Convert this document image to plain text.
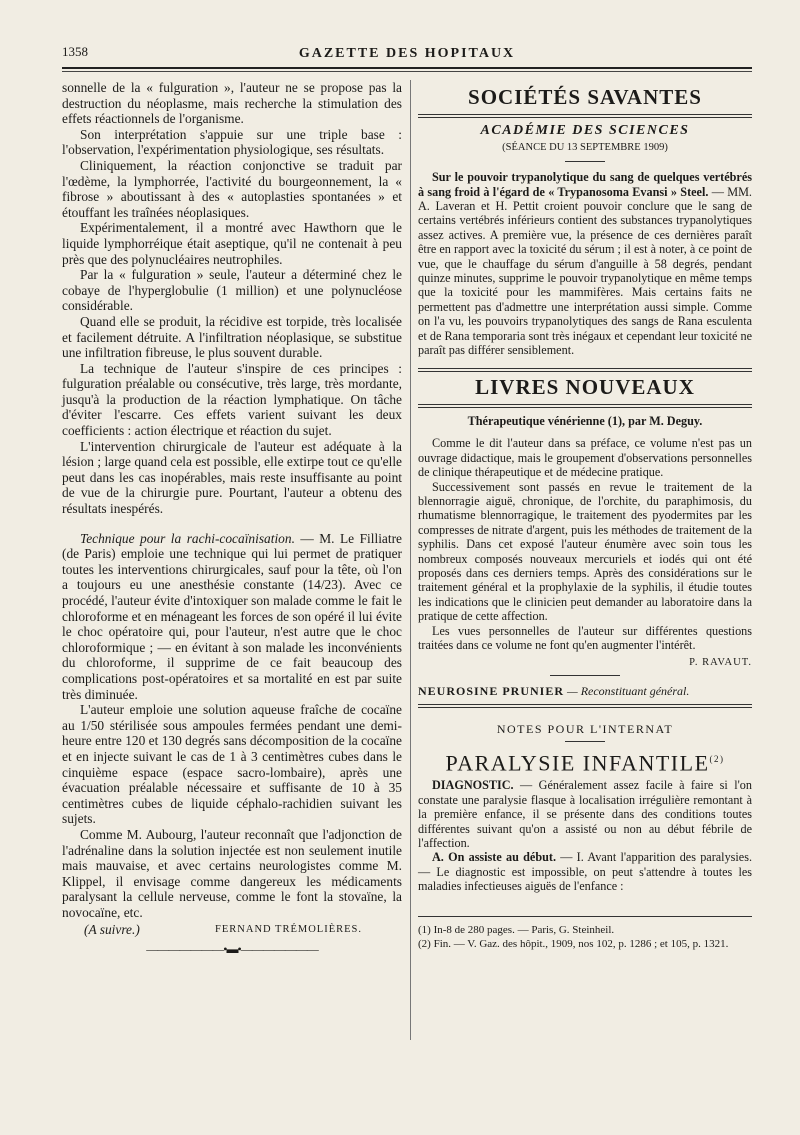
1358	GAZETTE DES HOPITAUX

sonnelle de la « fulguration », l'auteur ne se propose pas la destruction du néoplasme, mais recherche la stimulation des effets réactionnels de l'organisme.

Son interprétation s'appuie sur une triple base : l'observation, l'expérimentation physiologique, ses résultats.

Cliniquement, la réaction conjonctive se traduit par l'œdème, la lymphorrée, l'activité du bourgeonnement, la « fibrose » aboutissant à des « autoplasties spontanées » et étouffant les traînées néoplasiques.

Expérimentalement, il a montré avec Hawthorn que le liquide lymphorréique était aseptique, qu'il ne contenait à peu près que des polynucléaires neutrophiles.

Par la « fulguration » seule, l'auteur a déterminé chez le cobaye de l'hyperglobulie (1 million) et une polynucléose considérable.

Quand elle se produit, la récidive est torpide, très localisée et facilement détruite. A l'infiltration néoplasique, se substitue une infiltration fibreuse, le plus souvent durable.

La technique de l'auteur s'inspire de ces principes : fulguration préalable ou consécutive, très large, très mordante, jusqu'à la production de la réaction lymphatique. On tâche d'éviter l'escarre. Ces effets varient suivant les deux coefficients : action électrique et réaction du sujet.

L'intervention chirurgicale de l'auteur est adéquate à la lésion ; large quand cela est possible, elle extirpe tout ce qu'elle peut dans les cas inopérables, mais reste insuffisante au point de vue de la chirurgie pure. Pourtant, l'auteur a obtenu des résultats inespérés.

Technique pour la rachi-cocaïnisation. — M. Le Filliatre (de Paris) emploie une technique qui lui permet de pratiquer toutes les interventions chirurgicales, sauf pour la tête, où l'on a toujours eu une anesthésie constante (14/23). Avec ce procédé, l'auteur évite d'intoxiquer son malade comme le fait le chloroforme et en ménageant les forces de son opéré il lui évite le choc opératoire qui, pour l'auteur, n'est autre que le choc chloroformique ; — en évitant à son malade les inconvénients du chloroforme, il supprime de ce fait beaucoup des complications post-opératoires et sa mortalité en est par suite très diminuée.

L'auteur emploie une solution aqueuse fraîche de cocaïne au 1/50 stérilisée sous ampoules fermées pendant une demi-heure entre 120 et 130 degrés sans décomposition de la cocaïne et en injecte suivant le cas de 1 à 3 centimètres cubes dans le cinquième espace (espace sacro-lombaire), après une évacuation préalable nécessaire et suffisante de 10 à 35 centimètres cubes de liquide céphalo-rachidien suivant les sujets.

Comme M. Aubourg, l'auteur reconnaît que l'adjonction de l'adrénaline dans la solution injectée est non seulement inutile mais mauvaise, et avec certains neurologistes comme M. Klippel, il envisage comme dangereux les médicaments paralysant la cellule nerveuse, comme le font la stovaïne, la novocaïne, etc.

(A suivre.)	FERNAND TRÉMOLIÈRES.

———————•▬•———————
SOCIÉTÉS SAVANTES
ACADÉMIE DES SCIENCES
(SÉANCE DU 13 SEPTEMBRE 1909)

Sur le pouvoir trypanolytique du sang de quelques vertébrés à sang froid à l'égard de « Trypanosoma Evansi » Steel. — MM. A. Laveran et H. Pettit croient pouvoir conclure que le sang de certains vertébrés inférieurs contient des substances trypanolytiques assez actives. A première vue, la présence de ces dernières paraît être en rapport avec la toxicité du sérum ; il est à noter, à ce point de vue, que le chauffage du sérum d'anguille à 58 degrés, pendant quinze minutes, supprime le pouvoir trypanolytique en même temps que la toxicité pour les mammifères. Mais certains faits ne permettent pas d'admettre une interprétation aussi simple. Comme on l'a vu, les pouvoirs trypanolytiques des sangs de Rana esculenta et de Rana temporaria sont très inégaux et cependant leur toxicité ne paraît pas différer sensiblement.

LIVRES NOUVEAUX

Thérapeutique vénérienne (1), par M. Deguy.

Comme le dit l'auteur dans sa préface, ce volume n'est pas un ouvrage didactique, mais le groupement d'observations personnelles de clinique thérapeutique et de médecine pratique.

Successivement sont passés en revue le traitement de la blennorragie aiguë, chronique, de l'orchite, du paraphimosis, du rhumatisme blennorragique, le traitement des pyodermites par les compresses de nitrate d'argent, puis les méthodes de traitement de la syphilis. Dans cet exposé l'auteur énumère avec soin tous les nombreux composés nouveaux mercuriels et iodés qui ont été proposés dans ces derniers temps. Après des considérations sur le traitement général et la prophylaxie de la syphilis, il étudie toutes les indications que le clinicien peut demander au laboratoire dans la pratique de cette affection.

Les vues personnelles de l'auteur sur différentes questions traitées dans ce volume ne font qu'en augmenter l'intérêt.

P. RAVAUT.
NEUROSINE PRUNIER — Reconstituant général.
NOTES POUR L'INTERNAT
PARALYSIE INFANTILE$^{(2)}$

DIAGNOSTIC. — Généralement assez facile à faire si l'on constate une paralysie flasque à localisation irrégulière remontant à la première enfance, il se présente dans des conditions toutes différentes suivant qu'on a assisté ou non au début fébrile de l'affection.

A. On assiste au début. — I. Avant l'apparition des paralysies. — Le diagnostic est impossible, on peut s'attendre à toutes les maladies infectieuses aiguës de l'enfance :

(1) In-8 de 280 pages. — Paris, G. Steinheil.
(2) Fin. — V. Gaz. des hôpit., 1909, nos 102, p. 1286 ; et 105, p. 1321.
